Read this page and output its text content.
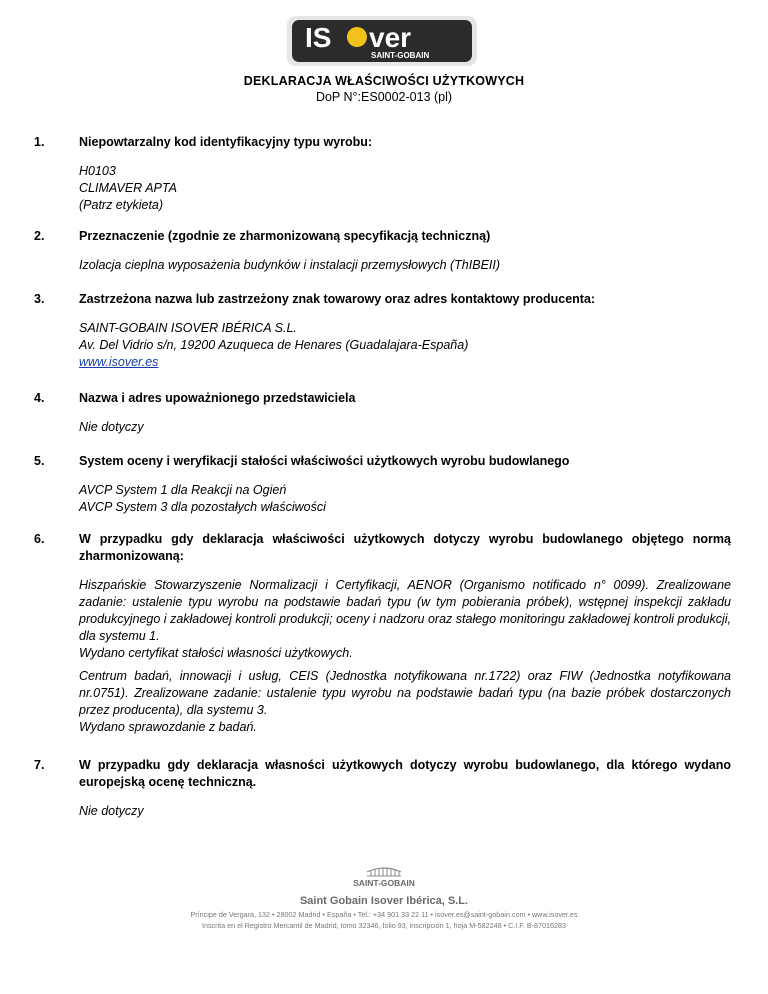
IS ver
SAINT-GOBAIN
DEKLARACJA WŁAŚCIWOŚCI UŻYTKOWYCH
DoP N°:ES0002-013 (pl)
1.	Niepowtarzalny kod identyfikacyjny typu wyrobu:
H0103
CLIMAVER APTA
(Patrz etykieta)
2.	Przeznaczenie (zgodnie ze zharmonizowaną specyfikacją techniczną)
Izolacja cieplna wyposażenia budynków i instalacji przemysłowych (ThIBEII)
3.	Zastrzeżona nazwa lub zastrzeżony znak towarowy oraz adres kontaktowy producenta:
SAINT-GOBAIN ISOVER IBÉRICA S.L.
Av. Del Vidrio s/n, 19200 Azuqueca de Henares (Guadalajara-España)
www.isover.es
4.	Nazwa i adres upoważnionego przedstawiciela
Nie dotyczy
5.	System oceny i weryfikacji stałości właściwości użytkowych wyrobu budowlanego
AVCP System 1 dla Reakcji na Ogień
AVCP System 3 dla pozostałych właściwości
6.	W przypadku gdy deklaracja właściwości użytkowych dotyczy wyrobu budowlanego objętego normą zharmonizowaną:
Hiszpańskie Stowarzyszenie Normalizacji i Certyfikacji, AENOR (Organismo notificado n° 0099). Zrealizowane zadanie: ustalenie typu wyrobu na podstawie badań typu (w tym pobierania próbek), wstępnej inspekcji zakładu produkcyjnego i zakładowej kontroli produkcji; oceny i nadzoru oraz stałego monitoringu zakładowej kontroli produkcji, dla systemu 1.
Wydano certyfikat stałości własności użytkowych.
Centrum badań, innowacji i usług, CEIS (Jednostka notyfikowana nr.1722) oraz FIW (Jednostka notyfikowana nr.0751). Zrealizowane zadanie: ustalenie typu wyrobu na podstawie badań typu (na bazie próbek dostarczonych przez producenta), dla systemu 3.
Wydano sprawozdanie z badań.
7.	W przypadku gdy deklaracja własności użytkowych dotyczy wyrobu budowlanego, dla którego wydano europejską ocenę techniczną.
Nie dotyczy
SAINT-GOBAIN
Saint Gobain Isover Ibérica, S.L.
Príncipe de Vergara, 132 • 28002 Madrid • España • Tel.: +34 901 33 22 11 • isover.es@saint-gobain.com • www.isover.es
Inscrita en el Registro Mercantil de Madrid, tomo 32346, folio 93, inscripción 1, hoja M-582248 • C.I.F. B-87016283
